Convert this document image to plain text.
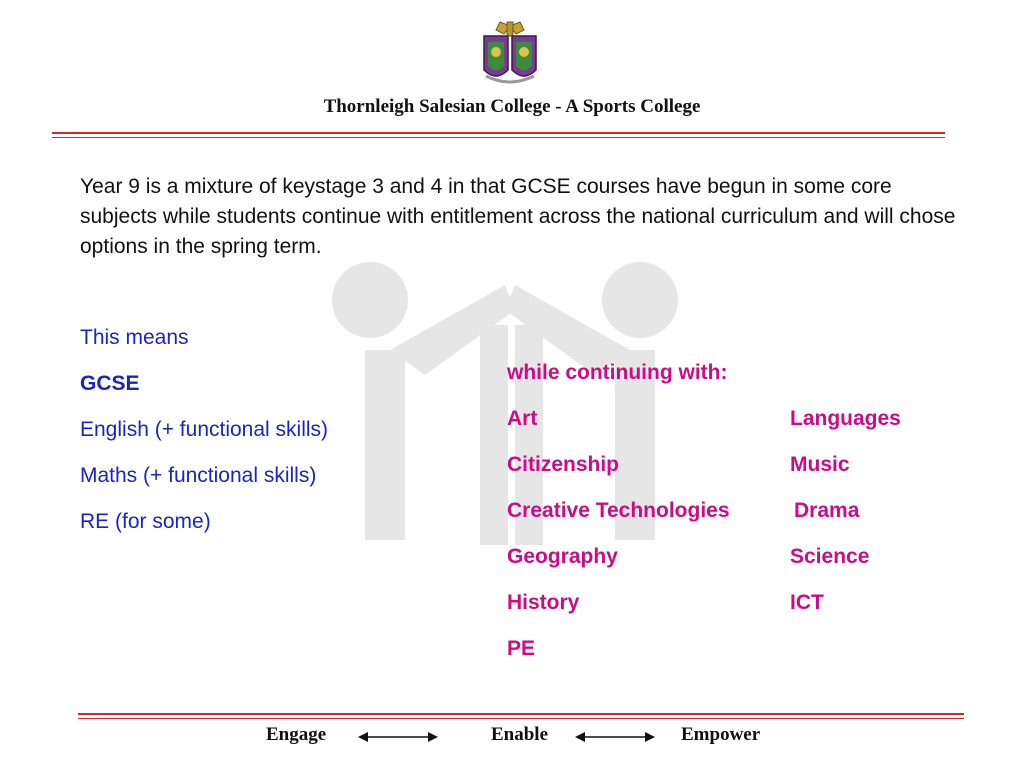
Thornleigh Salesian College - A Sports College
Year 9 is a mixture of keystage 3 and 4 in that GCSE courses have begun in some core subjects while students continue with entitlement across the national curriculum and will chose options in the spring term.
This means
GCSE
English (+ functional skills)
Maths (+ functional skills)
RE (for some)
while continuing with:
Art	Languages
Citizenship	Music
Creative Technologies	Drama
Geography	Science
History	ICT
PE
Engage	Enable	Empower
